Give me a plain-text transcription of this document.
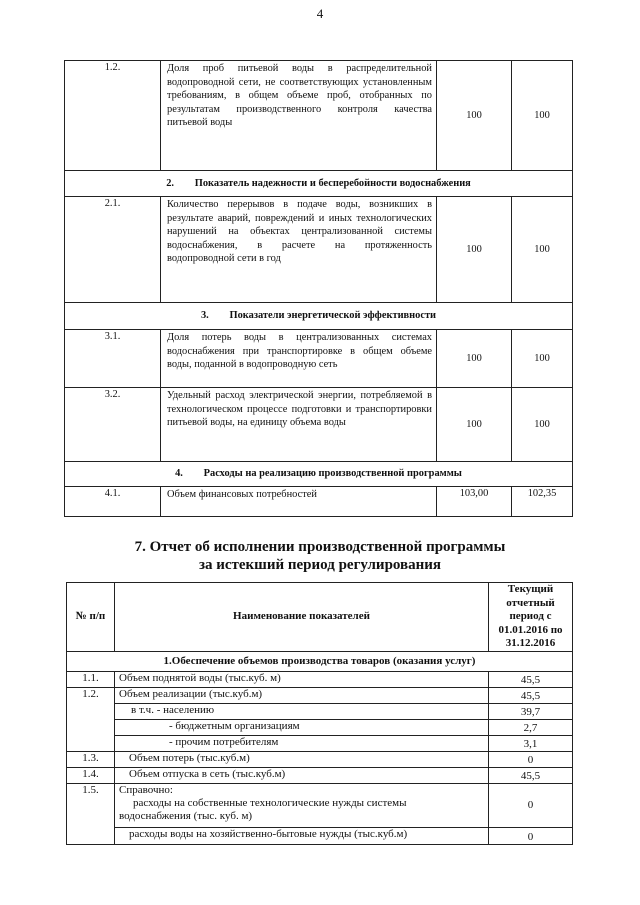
4
1.2.	Доля проб питьевой воды в распределительной водопроводной сети, не соответствующих установленным требованиям, в общем объеме проб, отобранных по результатам производственного контроля качества питьевой воды	100	100
2.        Показатель надежности и бесперебойности водоснабжения			
2.1.	Количество перерывов в подаче воды, возникших в результате аварий, повреждений и иных технологических нарушений на объектах централизованной системы водоснабжения, в расчете на протяженность водопроводной сети в год	100	100
3.        Показатели энергетической эффективности			
3.1.	Доля потерь воды в централизованных системах водоснабжения при транспортировке в общем объеме воды, поданной в водопроводную сеть	100	100
3.2.	Удельный расход электрической энергии, потребляемой в технологическом процессе подготовки и транспортировки питьевой воды, на единицу объема воды	100	100
4.        Расходы на реализацию производственной программы			
4.1.	Объем финансовых потребностей	103,00	102,35
7. Отчет об исполнении производственной программы
за истекший период регулирования
№ п/п	Наименование показателей	Текущий отчетный период с 01.01.2016 по 31.12.2016
1.Обеспечение объемов производства товаров (оказания услуг)		
1.1.	Объем поднятой воды (тыс.куб. м)	45,5
1.2.	Объем реализации (тыс.куб.м)	45,5
	в т.ч. - населению	39,7
	- бюджетным организациям	2,7
	- прочим потребителям	3,1
1.3.	Объем потерь (тыс.куб.м)	0
1.4.	Объем отпуска в сеть (тыс.куб.м)	45,5
1.5.	Справочно:
расходы на собственные технологические нужды системы
водоснабжения (тыс. куб. м)	0
	расходы воды на хозяйственно-бытовые нужды (тыс.куб.м)	0
